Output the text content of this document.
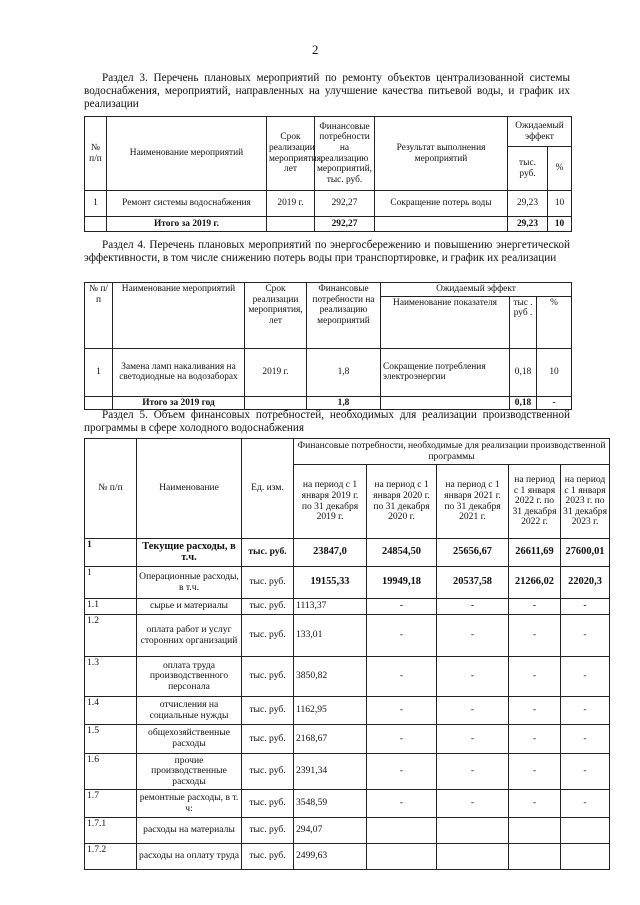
2
Раздел 3. Перечень плановых мероприятий по ремонту объектов централизованной системы водоснабжения, мероприятий, направленных на улучшение качества питьевой воды, и график их реализации
№ п/п	Наименование мероприятий	Срок реализации мероприятия, лет	Финансовые потребности на реализацию мероприятий, тыс. руб.	Результат выполнения мероприятий	Ожидаемый эффект	
					тыс. руб.	%
1	Ремонт системы водоснабжения	2019 г.	292,27	Сокращение потерь воды	29,23	10
	Итого за 2019 г.		292,27		29,23	10
Раздел 4. Перечень плановых мероприятий по энергосбережению и повышению энергетической эффективности, в том числе снижению потерь воды при транспортировке, и график их реализации
№ п/п	Наименование мероприятий	Срок реализации мероприятия, лет	Финансовые потребности на реализацию мероприятий	Ожидаемый эффект		
				Наименование показателя	тыс . руб .	%
1	Замена ламп накаливания на светодиодные на водозаборах	2019 г.	1,8	Сокращение потребления электроэнергии	0,18	10
	Итого за 2019 год		1,8		0,18	-
Раздел 5. Объем финансовых потребностей, необходимых для реализации производственной программы в сфере холодного водоснабжения
№ п/п	Наименование	Ед. изм.	Финансовые потребности, необходимые для реализации производственной программы				
			на период с 1 января 2019 г. по 31 декабря 2019 г.	на период с 1 января 2020 г. по 31 декабря 2020 г.	на период с 1 января 2021 г. по 31 декабря 2021 г.	на период с 1 января 2022 г. по 31 декабря 2022 г.	на период с 1 января 2023 г. по 31 декабря 2023 г.
1	Текущие расходы, в т.ч.	тыс. руб.	23847,0	24854,50	25656,67	26611,69	27600,01
1	Операционные расходы, в т.ч.	тыс. руб.	19155,33	19949,18	20537,58	21266,02	22020,3
1.1	сырье и материалы	тыс. руб.	1113,37	-	-	-	-
1.2	оплата работ и услуг сторонних организаций	тыс. руб.	133,01	-	-	-	-
1.3	оплата труда производственного персонала	тыс. руб.	3850,82	-	-	-	-
1.4	отчисления на социальные нужды	тыс. руб.	1162,95	-	-	-	-
1.5	общехозяйственные расходы	тыс. руб.	2168,67	-	-	-	-
1.6	прочие производственные расходы	тыс. руб.	2391,34	-	-	-	-
1.7	ремонтные расходы, в т. ч:	тыс. руб.	3548,59	-	-	-	-
1.7.1	расходы на материалы	тыс. руб.	294,07				
1.7.2	расходы на оплату труда	тыс. руб.	2499,63				
